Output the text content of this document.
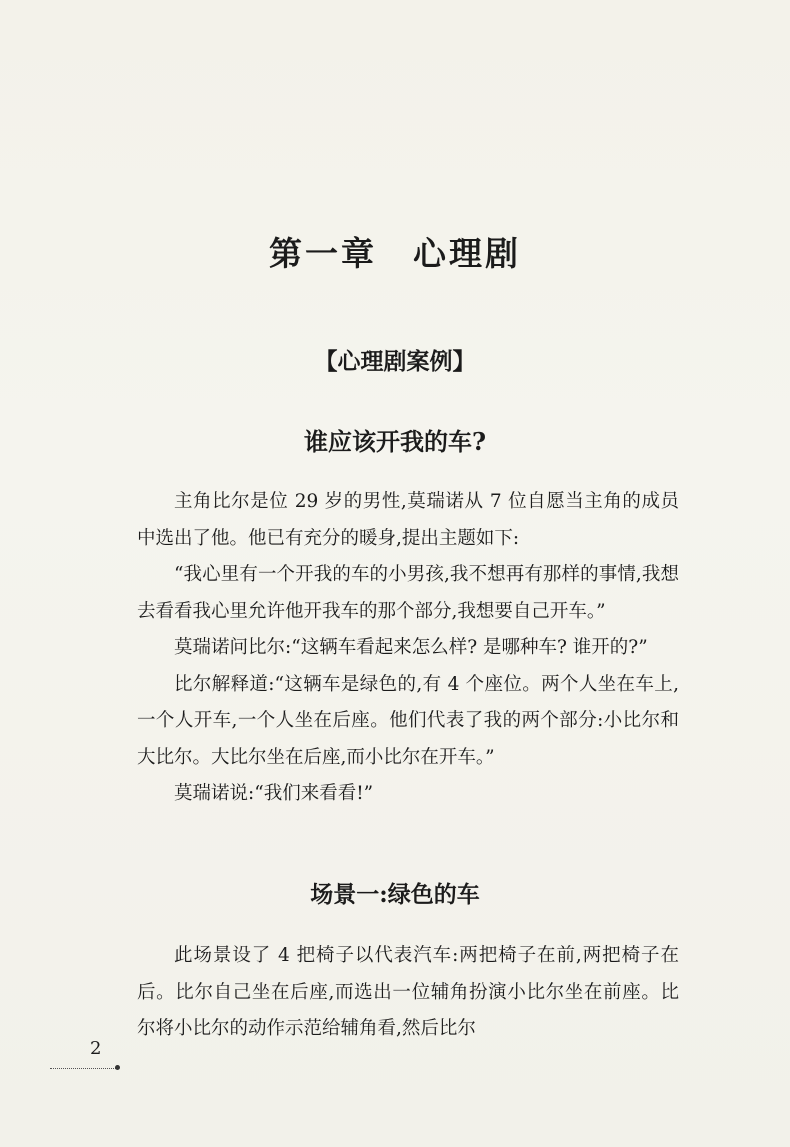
第一章 心理剧
【心理剧案例】
谁应该开我的车?

主角比尔是位 29 岁的男性,莫瑞诺从 7 位自愿当主角的成员中选出了他。他已有充分的暖身,提出主题如下:

“我心里有一个开我的车的小男孩,我不想再有那样的事情,我想去看看我心里允许他开我车的那个部分,我想要自己开车。”

莫瑞诺问比尔:“这辆车看起来怎么样? 是哪种车? 谁开的?”

比尔解释道:“这辆车是绿色的,有 4 个座位。两个人坐在车上,一个人开车,一个人坐在后座。他们代表了我的两个部分:小比尔和大比尔。大比尔坐在后座,而小比尔在开车。”

莫瑞诺说:“我们来看看!”

场景一:绿色的车

此场景设了 4 把椅子以代表汽车:两把椅子在前,两把椅子在后。比尔自己坐在后座,而选出一位辅角扮演小比尔坐在前座。比尔将小比尔的动作示范给辅角看,然后比尔

2
